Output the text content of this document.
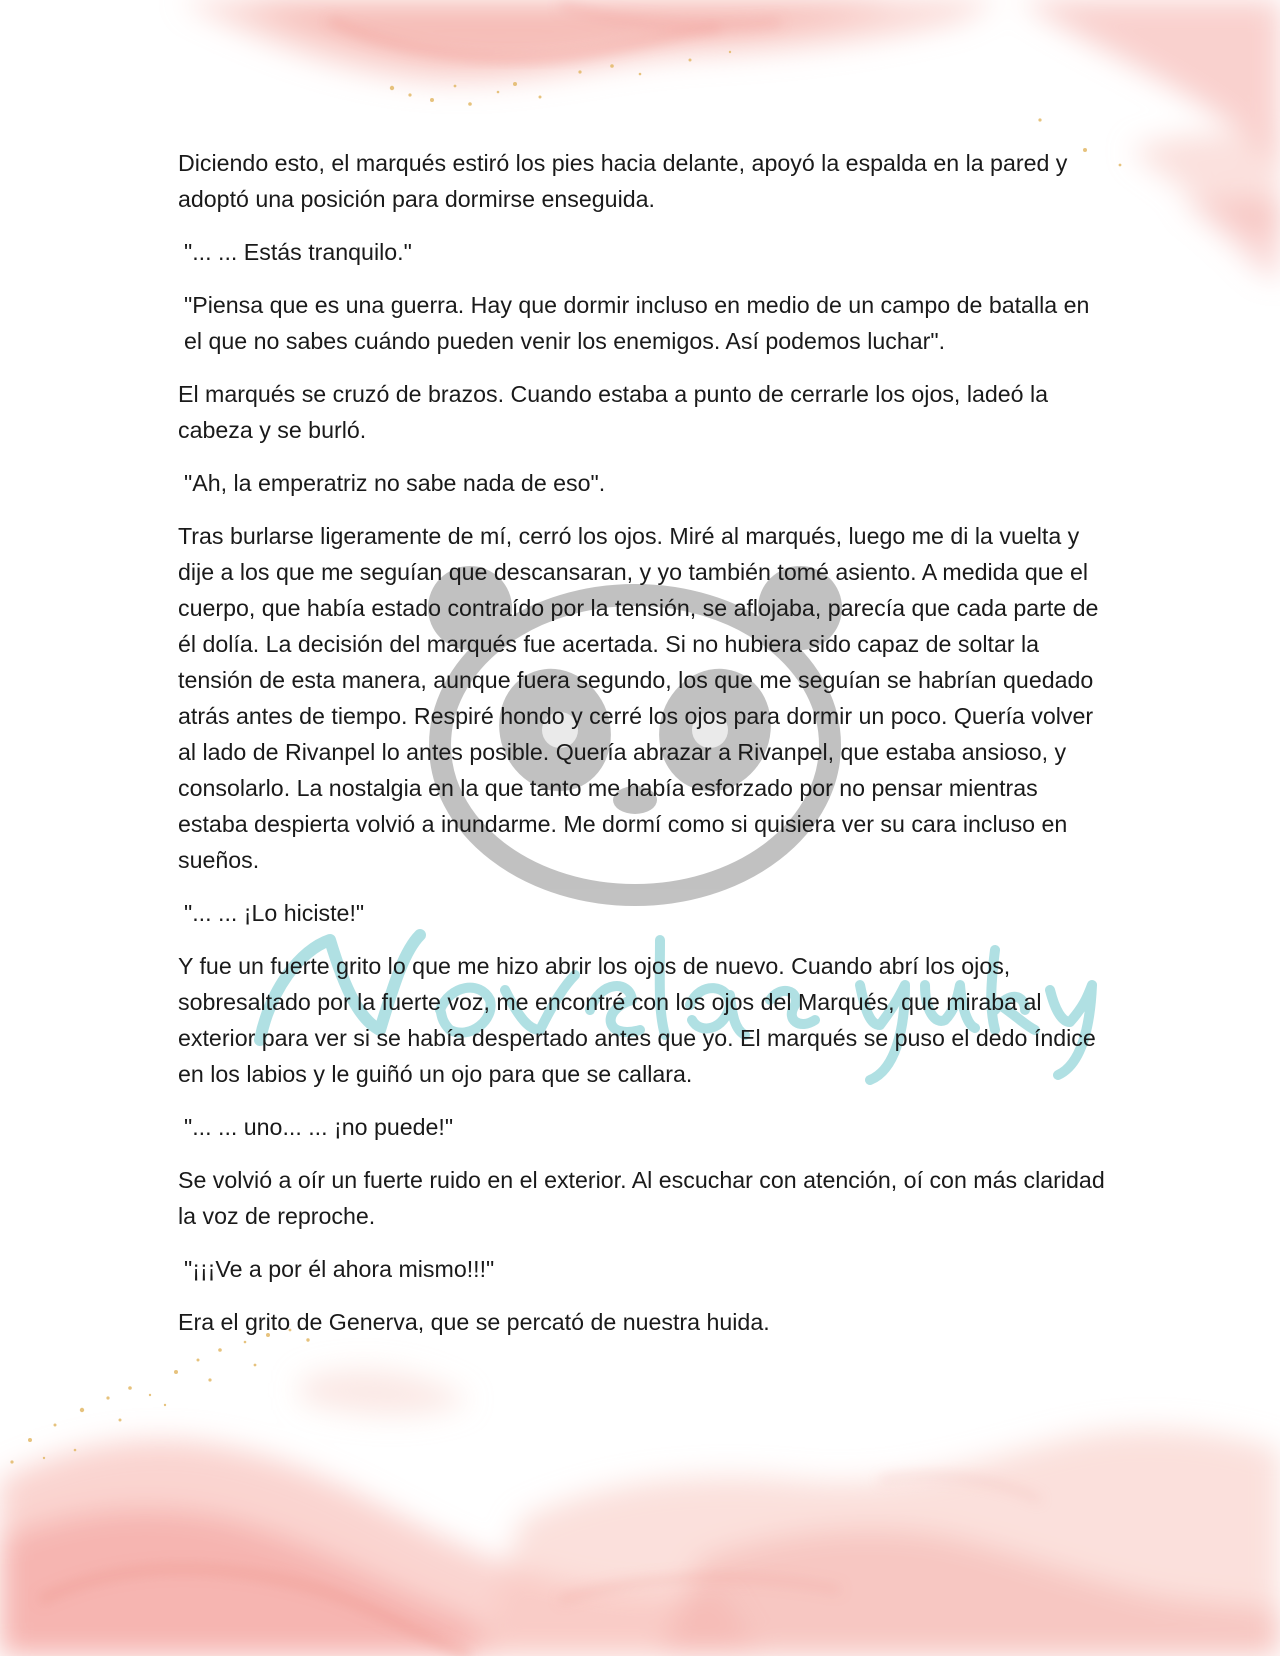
Diciendo esto, el marqués estiró los pies hacia delante, apoyó la espalda en la pared y adoptó una posición para dormirse enseguida.

"... ... Estás tranquilo."

"Piensa que es una guerra. Hay que dormir incluso en medio de un campo de batalla en el que no sabes cuándo pueden venir los enemigos. Así podemos luchar".

El marqués se cruzó de brazos. Cuando estaba a punto de cerrarle los ojos, ladeó la cabeza y se burló.

"Ah, la emperatriz no sabe nada de eso".

Tras burlarse ligeramente de mí, cerró los ojos. Miré al marqués, luego me di la vuelta y dije a los que me seguían que descansaran, y yo también tomé asiento. A medida que el cuerpo, que había estado contraído por la tensión, se aflojaba, parecía que cada parte de él dolía. La decisión del marqués fue acertada. Si no hubiera sido capaz de soltar la tensión de esta manera, aunque fuera segundo, los que me seguían se habrían quedado atrás antes de tiempo. Respiré hondo y cerré los ojos para dormir un poco. Quería volver al lado de Rivanpel lo antes posible. Quería abrazar a Rivanpel, que estaba ansioso, y consolarlo. La nostalgia en la que tanto me había esforzado por no pensar mientras estaba despierta volvió a inundarme. Me dormí como si quisiera ver su cara incluso en sueños.

"... ... ¡Lo hiciste!"

Y fue un fuerte grito lo que me hizo abrir los ojos de nuevo. Cuando abrí los ojos, sobresaltado por la fuerte voz, me encontré con los ojos del Marqués, que miraba al exterior para ver si se había despertado antes que yo. El marqués se puso el dedo índice en los labios y le guiñó un ojo para que se callara.

"... ... uno... ... ¡no puede!"

Se volvió a oír un fuerte ruido en el exterior. Al escuchar con atención, oí con más claridad la voz de reproche.

"¡¡¡Ve a por él ahora mismo!!!"

Era el grito de Generva, que se percató de nuestra huida.
